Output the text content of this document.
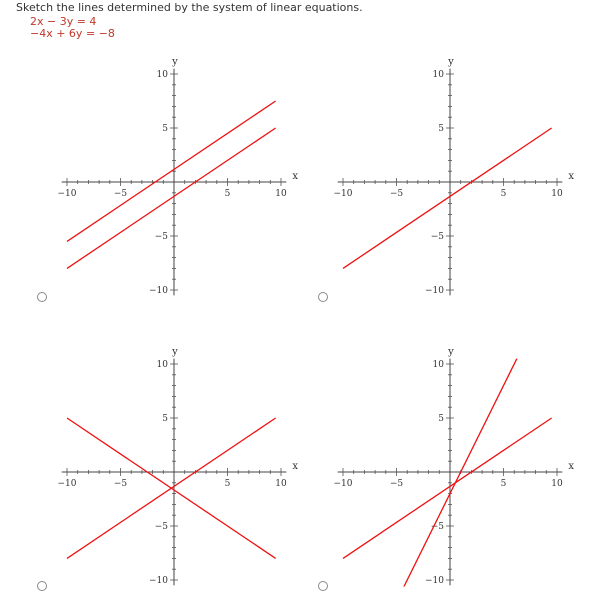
Sketch the lines determined by the system of linear equations.
2x − 3y = 4
−4x + 6y = −8
−10	−5	5	10
10
5
−5
−10
x
y
−10	−5	5	10
10
5
−5
−10
x
y
−10	−5	5	10
10
5
−5
−10
x
y
−10	−5	5	10
10
5
−5
−10
x
y
